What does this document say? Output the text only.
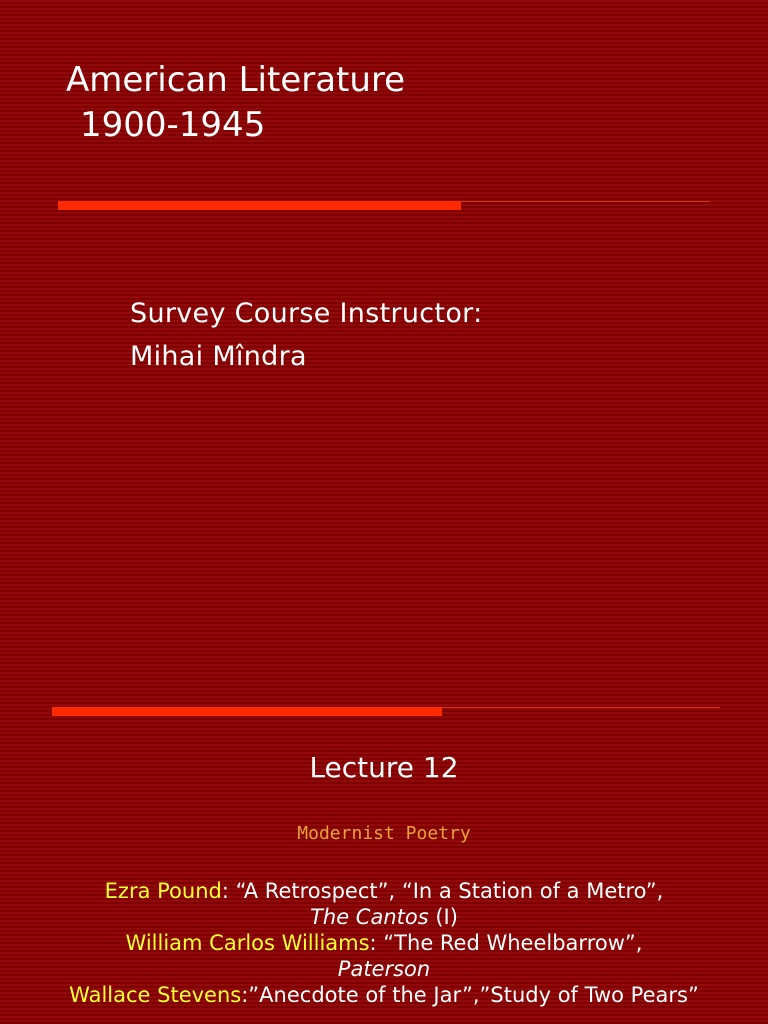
American Literature
1900-1945
Survey Course Instructor:
Mihai Mîndra
Lecture 12
Modernist Poetry
Ezra Pound: “A Retrospect”, “In a Station of a Metro”,
The Cantos (I)
William Carlos Williams: “The Red Wheelbarrow”,
Paterson
Wallace Stevens:”Anecdote of the Jar”,”Study of Two Pears”
